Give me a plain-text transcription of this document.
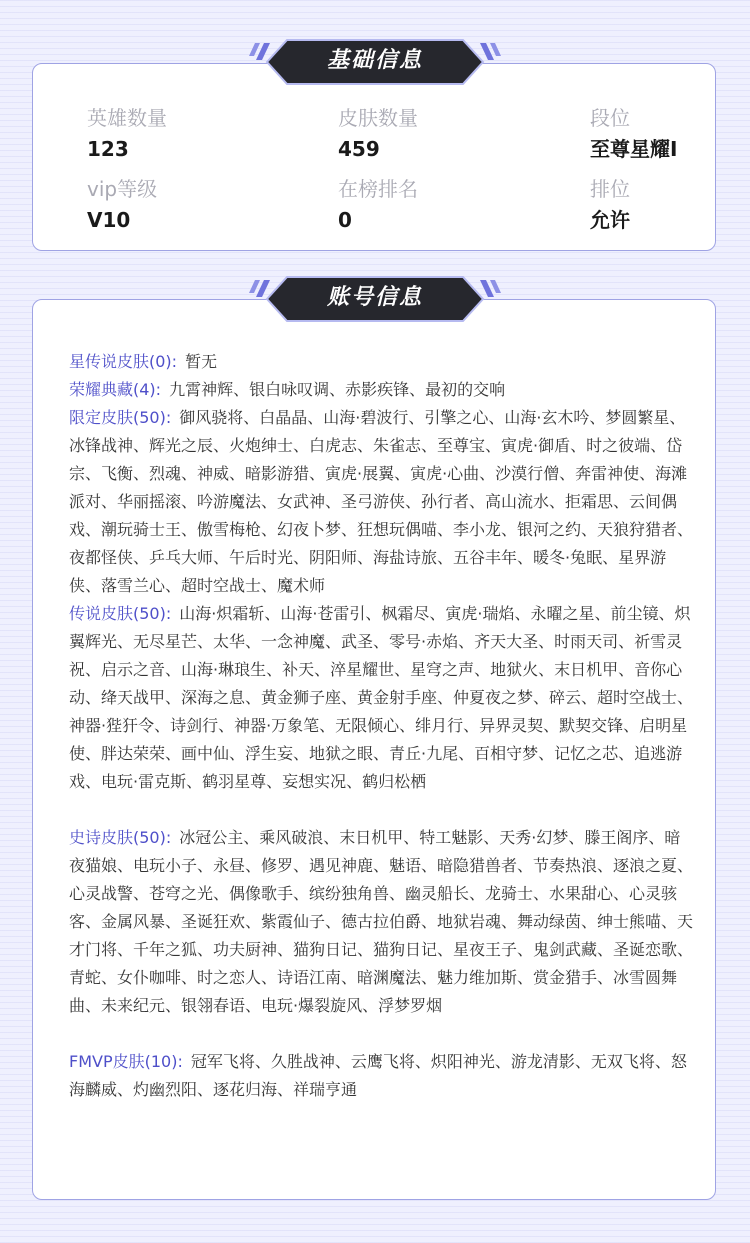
英雄数量
123
皮肤数量
459
段位
至尊星耀I
vip等级
V10
在榜排名
0
排位
允许

星传说皮肤(0): 暂无

荣耀典藏(4): 九霄神辉、银白咏叹调、赤影疾锋、最初的交响

限定皮肤(50): 御风骁将、白晶晶、山海·碧波行、引擎之心、山海·玄木吟、梦圆繁星、冰锋战神、辉光之辰、火炮绅士、白虎志、朱雀志、至尊宝、寅虎·御盾、时之彼端、岱宗、飞衡、烈魂、神威、暗影游猎、寅虎·展翼、寅虎·心曲、沙漠行僧、奔雷神使、海滩派对、华丽摇滚、吟游魔法、女武神、圣弓游侠、孙行者、高山流水、拒霜思、云间偶戏、潮玩骑士王、傲雪梅枪、幻夜卜梦、狂想玩偶喵、李小龙、银河之约、天狼狩猎者、夜都怪侠、乒乓大师、午后时光、阴阳师、海盐诗旅、五谷丰年、暖冬·兔眠、星界游侠、落雪兰心、超时空战士、魔术师

传说皮肤(50): 山海·炽霜斩、山海·苍雷引、枫霜尽、寅虎·瑞焰、永曜之星、前尘镜、炽翼辉光、无尽星芒、太华、一念神魔、武圣、零号·赤焰、齐天大圣、时雨天司、祈雪灵祝、启示之音、山海·琳琅生、补天、淬星耀世、星穹之声、地狱火、末日机甲、音你心动、绛天战甲、深海之息、黄金狮子座、黄金射手座、仲夏夜之梦、碎云、超时空战士、神器·狴犴令、诗剑行、神器·万象笔、无限倾心、绯月行、异界灵契、默契交锋、启明星使、胖达荣荣、画中仙、浮生妄、地狱之眼、青丘·九尾、百相守梦、记忆之芯、追逃游戏、电玩·雷克斯、鹤羽星尊、妄想实况、鹤归松栖

史诗皮肤(50): 冰冠公主、乘风破浪、末日机甲、特工魅影、天秀·幻梦、滕王阁序、暗夜猫娘、电玩小子、永昼、修罗、遇见神鹿、魅语、暗隐猎兽者、节奏热浪、逐浪之夏、心灵战警、苍穹之光、偶像歌手、缤纷独角兽、幽灵船长、龙骑士、水果甜心、心灵骇客、金属风暴、圣诞狂欢、紫霞仙子、德古拉伯爵、地狱岩魂、舞动绿茵、绅士熊喵、天才门将、千年之狐、功夫厨神、猫狗日记、猫狗日记、星夜王子、鬼剑武藏、圣诞恋歌、青蛇、女仆咖啡、时之恋人、诗语江南、暗渊魔法、魅力维加斯、赏金猎手、冰雪圆舞曲、未来纪元、银翎春语、电玩·爆裂旋风、浮梦罗烟

FMVP皮肤(10): 冠军飞将、久胜战神、云鹰飞将、炽阳神光、游龙清影、无双飞将、怒海麟威、灼幽烈阳、逐花归海、祥瑞亨通

基础信息
账号信息
